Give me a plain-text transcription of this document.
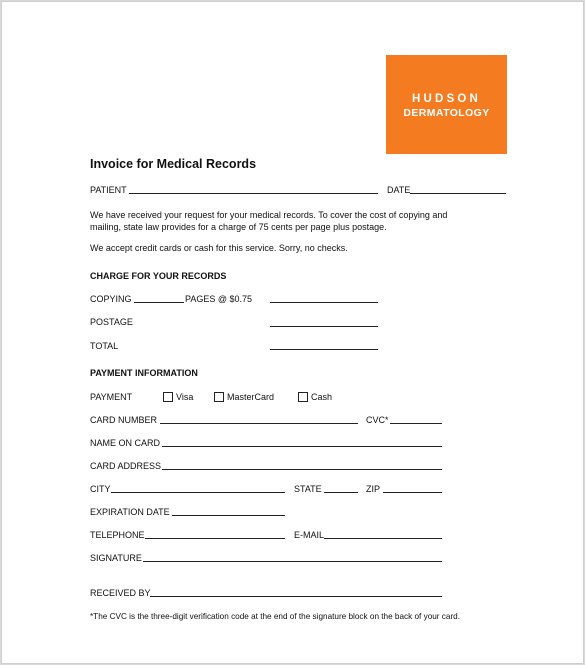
HUDSON
DERMATOLOGY
Invoice for Medical Records
PATIENT	DATE
We have received your request for your medical records. To cover the cost of copying and
mailing, state law provides for a charge of 75 cents per page plus postage.
We accept credit cards or cash for this service. Sorry, no checks.
CHARGE FOR YOUR RECORDS
COPYING	PAGES @ $0.75
POSTAGE
TOTAL
PAYMENT INFORMATION
PAYMENT	Visa	MasterCard	Cash
CARD NUMBER	CVC*
NAME ON CARD
CARD ADDRESS
CITY	STATE	ZIP
EXPIRATION DATE
TELEPHONE	E-MAIL
SIGNATURE
RECEIVED BY
*The CVC is the three-digit verification code at the end of the signature block on the back of your card.
